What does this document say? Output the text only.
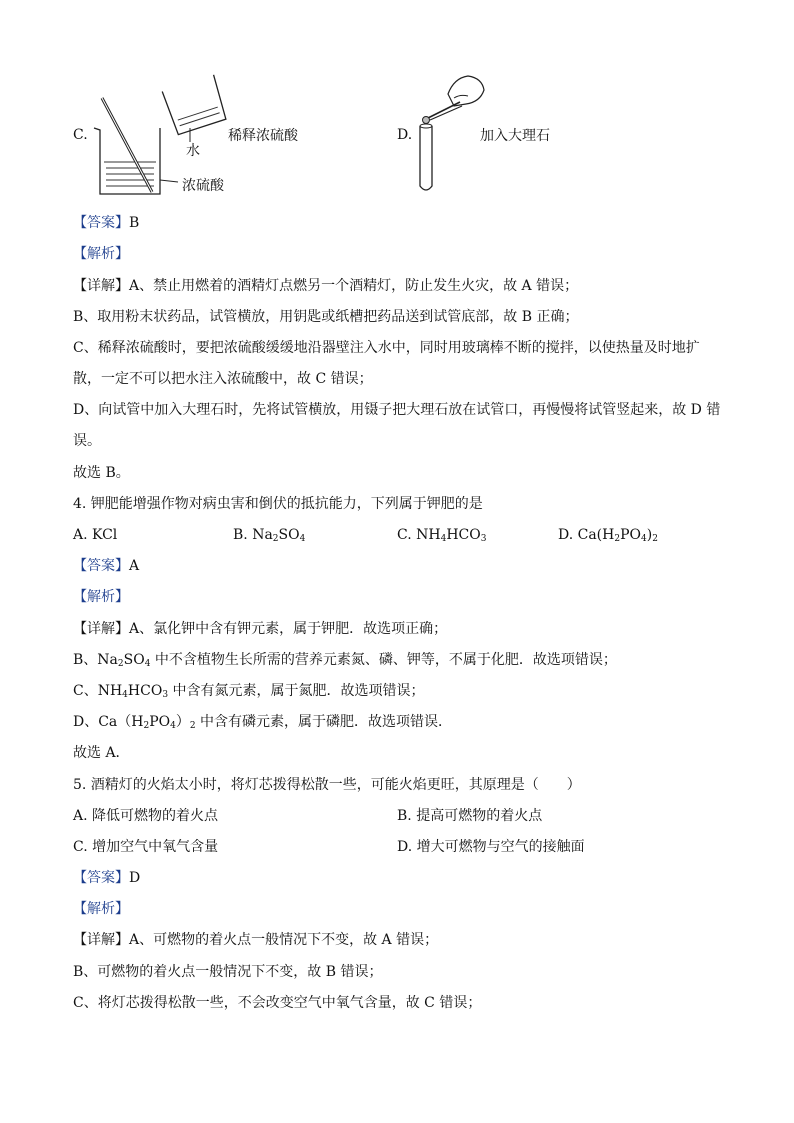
C.	稀释浓硫酸
水
浓硫酸
D.	加入大理石
【答案】B
【解析】
【详解】A、禁止用燃着的酒精灯点燃另一个酒精灯，防止发生火灾，故 A 错误；
B、取用粉末状药品，试管横放，用钥匙或纸槽把药品送到试管底部，故 B 正确；
C、稀释浓硫酸时，要把浓硫酸缓缓地沿器壁注入水中，同时用玻璃棒不断的搅拌，以使热量及时地扩
散，一定不可以把水注入浓硫酸中，故 C 错误；
D、向试管中加入大理石时，先将试管横放，用镊子把大理石放在试管口，再慢慢将试管竖起来，故 D 错
误。
故选 B。
4. 钾肥能增强作物对病虫害和倒伏的抵抗能力，下列属于钾肥的是
A. KCl	B. $Na_2SO_4$	C. $NH_4HCO_3$	D. $Ca(H_2PO_4)_2$
【答案】A
【解析】
【详解】A、氯化钾中含有钾元素，属于钾肥．故选项正确；
B、$Na_2SO_4$ 中不含植物生长所需的营养元素氮、磷、钾等，不属于化肥．故选项错误；
C、$NH_4HCO_3$ 中含有氮元素，属于氮肥．故选项错误；
D、$Ca(H_2PO_4)_2$ 中含有磷元素，属于磷肥．故选项错误．
故选 A．
5. 酒精灯的火焰太小时，将灯芯拨得松散一些，可能火焰更旺，其原理是（　　）
A. 降低可燃物的着火点	B. 提高可燃物的着火点
C. 增加空气中氧气含量	D. 增大可燃物与空气的接触面
【答案】D
【解析】
【详解】A、可燃物的着火点一般情况下不变，故 A 错误；
B、可燃物的着火点一般情况下不变，故 B 错误；
C、将灯芯拨得松散一些，不会改变空气中氧气含量，故 C 错误；
